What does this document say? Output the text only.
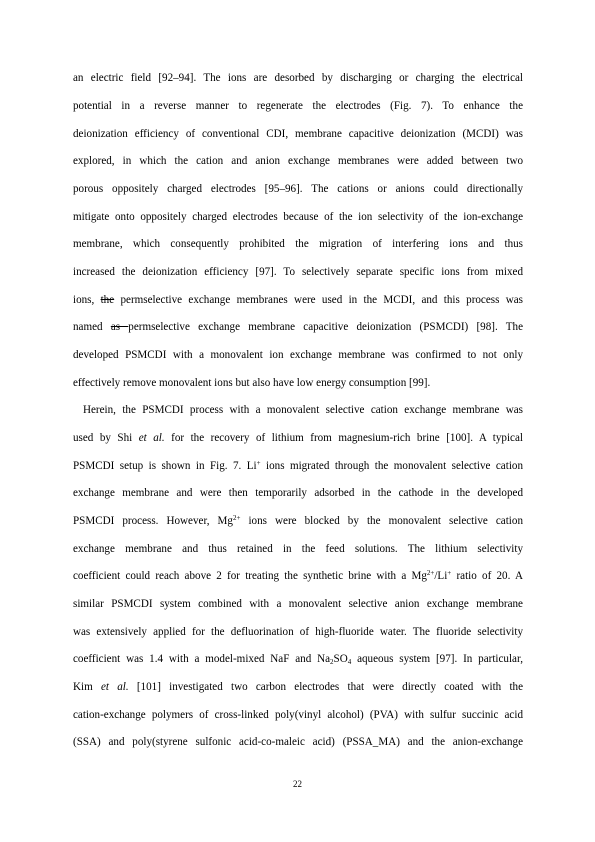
an electric field [92–94]. The ions are desorbed by discharging or charging the electrical
potential in a reverse manner to regenerate the electrodes (Fig. 7). To enhance the
deionization efficiency of conventional CDI, membrane capacitive deionization (MCDI) was
explored, in which the cation and anion exchange membranes were added between two
porous oppositely charged electrodes [95–96]. The cations or anions could directionally
mitigate onto oppositely charged electrodes because of the ion selectivity of the ion-exchange
membrane, which consequently prohibited the migration of interfering ions and thus
increased the deionization efficiency [97]. To selectively separate specific ions from mixed
ions, the permselective exchange membranes were used in the MCDI, and this process was
named as permselective exchange membrane capacitive deionization (PSMCDI) [98]. The
developed PSMCDI with a monovalent ion exchange membrane was confirmed to not only
effectively remove monovalent ions but also have low energy consumption [99].
Herein, the PSMCDI process with a monovalent selective cation exchange membrane was
used by Shi et al. for the recovery of lithium from magnesium-rich brine [100]. A typical
PSMCDI setup is shown in Fig. 7. Li+ ions migrated through the monovalent selective cation
exchange membrane and were then temporarily adsorbed in the cathode in the developed
PSMCDI process. However, $Mg^{2+}$ ions were blocked by the monovalent selective cation
exchange membrane and thus retained in the feed solutions. The lithium selectivity
coefficient could reach above 2 for treating the synthetic brine with a $Mg^{2+}/Li^+$ ratio of 20. A
similar PSMCDI system combined with a monovalent selective anion exchange membrane
was extensively applied for the defluorination of high-fluoride water. The fluoride selectivity
coefficient was 1.4 with a model-mixed NaF and $Na_2SO_4$ aqueous system [97]. In particular,
Kim et al. [101] investigated two carbon electrodes that were directly coated with the
cation-exchange polymers of cross-linked poly(vinyl alcohol) (PVA) with sulfur succinic acid
(SSA) and poly(styrene sulfonic acid-co-maleic acid) (PSSA_MA) and the anion-exchange
22
